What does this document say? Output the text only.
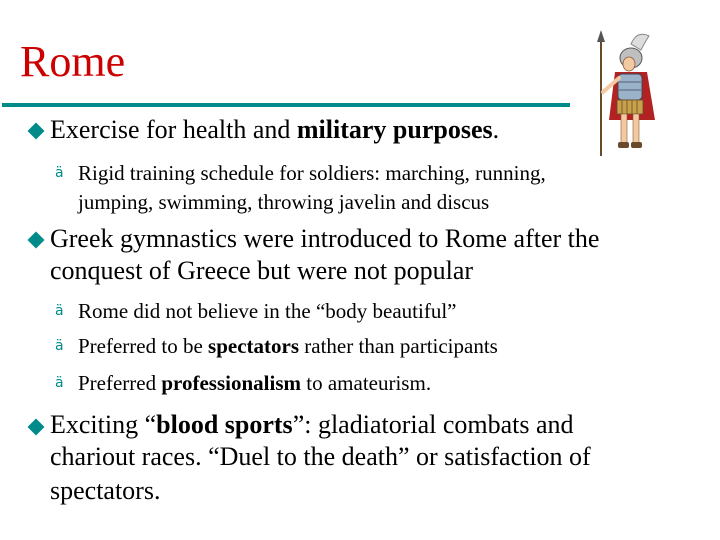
Rome
Exercise for health and military purposes.
ä Rigid training schedule for soldiers: marching, running,
jumping, swimming, throwing javelin and discus
Greek gymnastics were introduced to Rome after the
conquest of Greece but were not popular
ä Rome did not believe in the “body beautiful”
ä Preferred to be spectators rather than participants
ä Preferred professionalism to amateurism.
Exciting “blood sports”: gladiatorial combats and
chariout races. “Duel to the death” or satisfaction of
spectators.
